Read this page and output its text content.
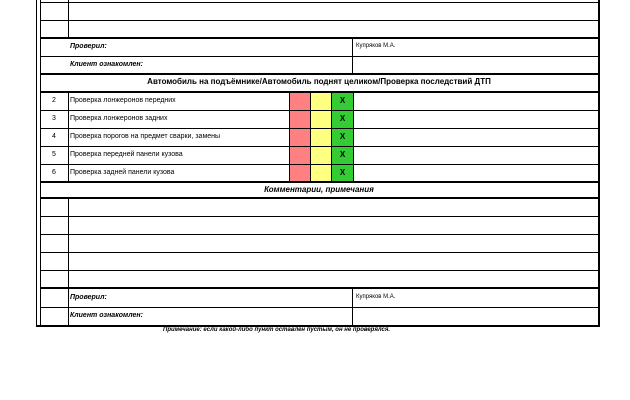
Проверил:	Купряков М.А.
Клиент ознакомлен:
Автомобиль на подъёмнике/Автомобиль поднят целиком/Проверка последствий ДТП
2 Проверка лонжеронов передних	X
3 Проверка лонжеронов задних	X
4 Проверка порогов на предмет сварки, замены	X
5 Проверка передней панели кузова	X
6 Проверка задней панели кузова	X
Комментарии, примечания
Проверил:	Купряков М.А.
Клиент ознакомлен:
Примечание: если какой-либо пункт оставлен пустым, он не проверялся.
